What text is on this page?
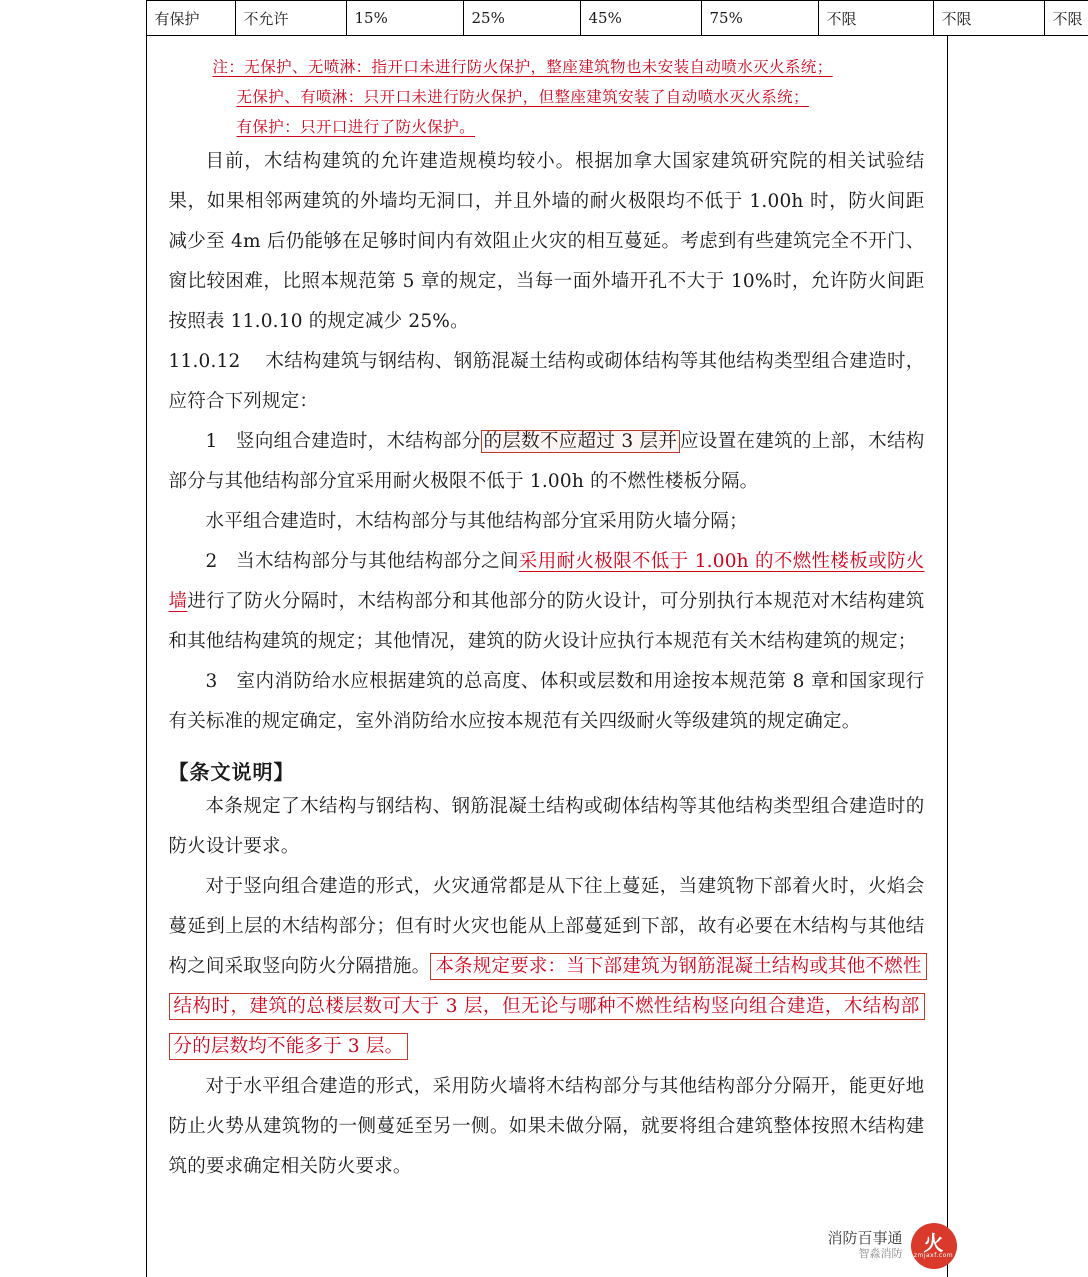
有保护	不允许	15%	25%	45%	75%	不限	不限	不限
注：无保护、无喷淋：指开口未进行防火保护，整座建筑物也未安装自动喷水灭火系统；
无保护、有喷淋：只开口未进行防火保护，但整座建筑安装了自动喷水灭火系统；
有保护：只开口进行了防火保护。

目前，木结构建筑的允许建造规模均较小。根据加拿大国家建筑研究院的相关试验结果，如果相邻两建筑的外墙均无洞口，并且外墙的耐火极限均不低于 1.00h 时，防火间距减少至 4m 后仍能够在足够时间内有效阻止火灾的相互蔓延。考虑到有些建筑完全不开门、窗比较困难，比照本规范第 5 章的规定，当每一面外墙开孔不大于 10%时，允许防火间距按照表 11.0.10 的规定减少 25%。

11.0.12 木结构建筑与钢结构、钢筋混凝土结构或砌体结构等其他结构类型组合建造时，应符合下列规定：

1 竖向组合建造时，木结构部分 的层数不应超过 3 层并 应设置在建筑的上部，木结构部分与其他结构部分宜采用耐火极限不低于 1.00h 的不燃性楼板分隔。

水平组合建造时，木结构部分与其他结构部分宜采用防火墙分隔；

2 当木结构部分与其他结构部分之间采用耐火极限不低于 1.00h 的不燃性楼板或防火墙进行了防火分隔时，木结构部分和其他部分的防火设计，可分别执行本规范对木结构建筑和其他结构建筑的规定；其他情况，建筑的防火设计应执行本规范有关木结构建筑的规定；

3 室内消防给水应根据建筑的总高度、体积或层数和用途按本规范第 8 章和国家现行有关标准的规定确定，室外消防给水应按本规范有关四级耐火等级建筑的规定确定。

【条文说明】

本条规定了木结构与钢结构、钢筋混凝土结构或砌体结构等其他结构类型组合建造时的防火设计要求。

对于竖向组合建造的形式，火灾通常都是从下往上蔓延，当建筑物下部着火时，火焰会蔓延到上层的木结构部分；但有时火灾也能从上部蔓延到下部，故有必要在木结构与其他结构之间采取竖向防火分隔措施。 本条规定要求：当下部建筑为钢筋混凝土结构或其他不燃性结构时，建筑的总楼层数可大于 3 层，但无论与哪种不燃性结构竖向组合建造，木结构部分的层数均不能多于 3 层。

对于水平组合建造的形式，采用防火墙将木结构部分与其他结构部分分隔开，能更好地防止火势从建筑物的一侧蔓延至另一侧。如果未做分隔，就要将组合建筑整体按照木结构建筑的要求确定相关防火要求。

消防百事通
智淼消防 火
zmjaxf.com
